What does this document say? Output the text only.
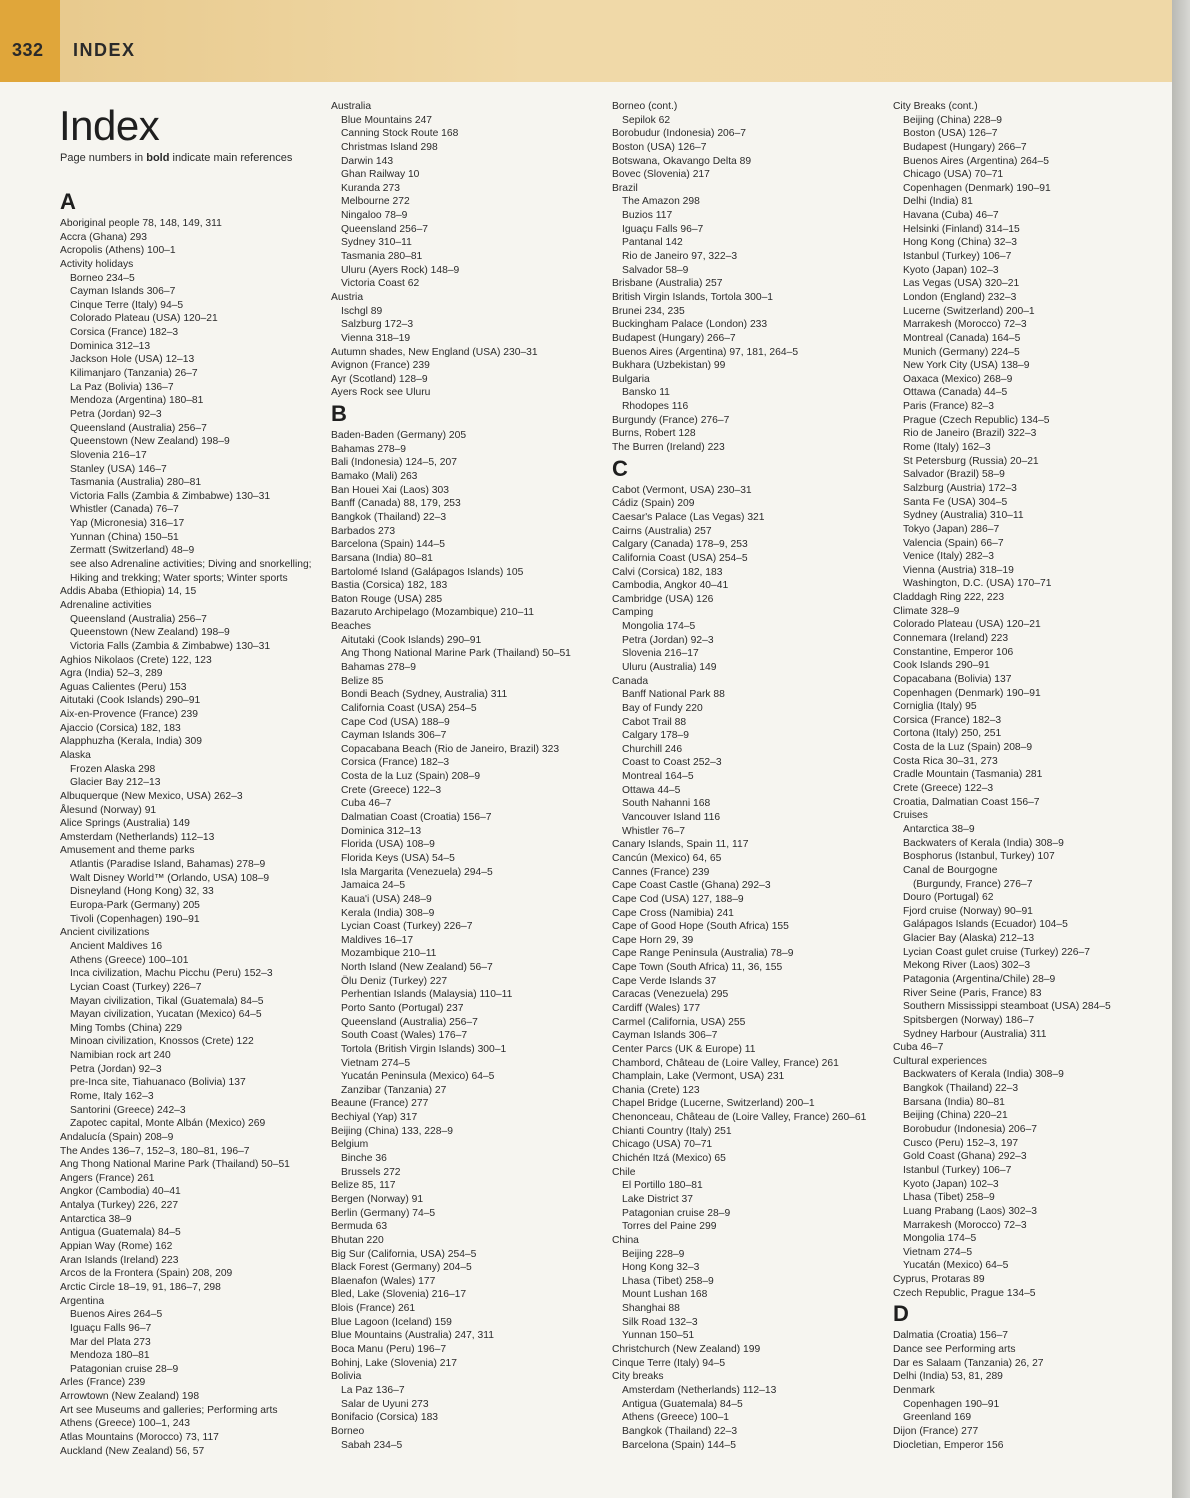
332 INDEX
Index
Page numbers in bold indicate main references
A
Aboriginal people 78, 148, 149, 311
Accra (Ghana) 293
Acropolis (Athens) 100–1
Activity holidays
Borneo 234–5
Cayman Islands 306–7
Cinque Terre (Italy) 94–5
Colorado Plateau (USA) 120–21
Corsica (France) 182–3
Dominica 312–13
Jackson Hole (USA) 12–13
Kilimanjaro (Tanzania) 26–7
La Paz (Bolivia) 136–7
Mendoza (Argentina) 180–81
Petra (Jordan) 92–3
Queensland (Australia) 256–7
Queenstown (New Zealand) 198–9
Slovenia 216–17
Stanley (USA) 146–7
Tasmania (Australia) 280–81
Victoria Falls (Zambia & Zimbabwe) 130–31
Whistler (Canada) 76–7
Yap (Micronesia) 316–17
Yunnan (China) 150–51
Zermatt (Switzerland) 48–9
see also Adrenaline activities; Diving and snorkelling;
Hiking and trekking; Water sports; Winter sports
Addis Ababa (Ethiopia) 14, 15
Adrenaline activities
Queensland (Australia) 256–7
Queenstown (New Zealand) 198–9
Victoria Falls (Zambia & Zimbabwe) 130–31
Aghios Nikolaos (Crete) 122, 123
Agra (India) 52–3, 289
Aguas Calientes (Peru) 153
Aitutaki (Cook Islands) 290–91
Aix-en-Provence (France) 239
Ajaccio (Corsica) 182, 183
Alapphuzha (Kerala, India) 309
Alaska
Frozen Alaska 298
Glacier Bay 212–13
Albuquerque (New Mexico, USA) 262–3
Ålesund (Norway) 91
Alice Springs (Australia) 149
Amsterdam (Netherlands) 112–13
Amusement and theme parks
Atlantis (Paradise Island, Bahamas) 278–9
Walt Disney World™ (Orlando, USA) 108–9
Disneyland (Hong Kong) 32, 33
Europa-Park (Germany) 205
Tivoli (Copenhagen) 190–91
Ancient civilizations
Ancient Maldives 16
Athens (Greece) 100–101
Inca civilization, Machu Picchu (Peru) 152–3
Lycian Coast (Turkey) 226–7
Mayan civilization, Tikal (Guatemala) 84–5
Mayan civilization, Yucatan (Mexico) 64–5
Ming Tombs (China) 229
Minoan civilization, Knossos (Crete) 122
Namibian rock art 240
Petra (Jordan) 92–3
pre-Inca site, Tiahuanaco (Bolivia) 137
Rome, Italy 162–3
Santorini (Greece) 242–3
Zapotec capital, Monte Albán (Mexico) 269
Andalucía (Spain) 208–9
The Andes 136–7, 152–3, 180–81, 196–7
Ang Thong National Marine Park (Thailand) 50–51
Angers (France) 261
Angkor (Cambodia) 40–41
Antalya (Turkey) 226, 227
Antarctica 38–9
Antigua (Guatemala) 84–5
Appian Way (Rome) 162
Aran Islands (Ireland) 223
Arcos de la Frontera (Spain) 208, 209
Arctic Circle 18–19, 91, 186–7, 298
Argentina
Buenos Aires 264–5
Iguaçu Falls 96–7
Mar del Plata 273
Mendoza 180–81
Patagonian cruise 28–9
Arles (France) 239
Arrowtown (New Zealand) 198
Art see Museums and galleries; Performing arts
Athens (Greece) 100–1, 243
Atlas Mountains (Morocco) 73, 117
Auckland (New Zealand) 56, 57
Australia
Blue Mountains 247
Canning Stock Route 168
Christmas Island 298
Darwin 143
Ghan Railway 10
Kuranda 273
Melbourne 272
Ningaloo 78–9
Queensland 256–7
Sydney 310–11
Tasmania 280–81
Uluru (Ayers Rock) 148–9
Victoria Coast 62
Austria
Ischgl 89
Salzburg 172–3
Vienna 318–19
Autumn shades, New England (USA) 230–31
Avignon (France) 239
Ayr (Scotland) 128–9
Ayers Rock see Uluru
B
Baden-Baden (Germany) 205
Bahamas 278–9
Bali (Indonesia) 124–5, 207
Bamako (Mali) 263
Ban Houei Xai (Laos) 303
Banff (Canada) 88, 179, 253
Bangkok (Thailand) 22–3
Barbados 273
Barcelona (Spain) 144–5
Barsana (India) 80–81
Bartolomé Island (Galápagos Islands) 105
Bastia (Corsica) 182, 183
Baton Rouge (USA) 285
Bazaruto Archipelago (Mozambique) 210–11
Beaches
Aitutaki (Cook Islands) 290–91
Ang Thong National Marine Park (Thailand) 50–51
Bahamas 278–9
Belize 85
Bondi Beach (Sydney, Australia) 311
California Coast (USA) 254–5
Cape Cod (USA) 188–9
Cayman Islands 306–7
Copacabana Beach (Rio de Janeiro, Brazil) 323
Corsica (France) 182–3
Costa de la Luz (Spain) 208–9
Crete (Greece) 122–3
Cuba 46–7
Dalmatian Coast (Croatia) 156–7
Dominica 312–13
Florida (USA) 108–9
Florida Keys (USA) 54–5
Isla Margarita (Venezuela) 294–5
Jamaica 24–5
Kaua'i (USA) 248–9
Kerala (India) 308–9
Lycian Coast (Turkey) 226–7
Maldives 16–17
Mozambique 210–11
North Island (New Zealand) 56–7
Ölu Deniz (Turkey) 227
Perhentian Islands (Malaysia) 110–11
Porto Santo (Portugal) 237
Queensland (Australia) 256–7
South Coast (Wales) 176–7
Tortola (British Virgin Islands) 300–1
Vietnam 274–5
Yucatán Peninsula (Mexico) 64–5
Zanzibar (Tanzania) 27
Beaune (France) 277
Bechiyal (Yap) 317
Beijing (China) 133, 228–9
Belgium
Binche 36
Brussels 272
Belize 85, 117
Bergen (Norway) 91
Berlin (Germany) 74–5
Bermuda 63
Bhutan 220
Big Sur (California, USA) 254–5
Black Forest (Germany) 204–5
Blaenafon (Wales) 177
Bled, Lake (Slovenia) 216–17
Blois (France) 261
Blue Lagoon (Iceland) 159
Blue Mountains (Australia) 247, 311
Boca Manu (Peru) 196–7
Bohinj, Lake (Slovenia) 217
Bolivia
La Paz 136–7
Salar de Uyuni 273
Bonifacio (Corsica) 183
Borneo
Sabah 234–5
Borneo (cont.)
Sepilok 62
Borobudur (Indonesia) 206–7
Boston (USA) 126–7
Botswana, Okavango Delta 89
Bovec (Slovenia) 217
Brazil
The Amazon 298
Buzios 117
Iguaçu Falls 96–7
Pantanal 142
Rio de Janeiro 97, 322–3
Salvador 58–9
Brisbane (Australia) 257
British Virgin Islands, Tortola 300–1
Brunei 234, 235
Buckingham Palace (London) 233
Budapest (Hungary) 266–7
Buenos Aires (Argentina) 97, 181, 264–5
Bukhara (Uzbekistan) 99
Bulgaria
Bansko 11
Rhodopes 116
Burgundy (France) 276–7
Burns, Robert 128
The Burren (Ireland) 223
C
Cabot (Vermont, USA) 230–31
Cádiz (Spain) 209
Caesar's Palace (Las Vegas) 321
Cairns (Australia) 257
Calgary (Canada) 178–9, 253
California Coast (USA) 254–5
Calvi (Corsica) 182, 183
Cambodia, Angkor 40–41
Cambridge (USA) 126
Camping
Mongolia 174–5
Petra (Jordan) 92–3
Slovenia 216–17
Uluru (Australia) 149
Canada
Banff National Park 88
Bay of Fundy 220
Cabot Trail 88
Calgary 178–9
Churchill 246
Coast to Coast 252–3
Montreal 164–5
Ottawa 44–5
South Nahanni 168
Vancouver Island 116
Whistler 76–7
Canary Islands, Spain 11, 117
Cancún (Mexico) 64, 65
Cannes (France) 239
Cape Coast Castle (Ghana) 292–3
Cape Cod (USA) 127, 188–9
Cape Cross (Namibia) 241
Cape of Good Hope (South Africa) 155
Cape Horn 29, 39
Cape Range Peninsula (Australia) 78–9
Cape Town (South Africa) 11, 36, 155
Cape Verde Islands 37
Caracas (Venezuela) 295
Cardiff (Wales) 177
Carmel (California, USA) 255
Cayman Islands 306–7
Center Parcs (UK & Europe) 11
Chambord, Château de (Loire Valley, France) 261
Champlain, Lake (Vermont, USA) 231
Chania (Crete) 123
Chapel Bridge (Lucerne, Switzerland) 200–1
Chenonceau, Château de (Loire Valley, France) 260–61
Chianti Country (Italy) 251
Chicago (USA) 70–71
Chichén Itzá (Mexico) 65
Chile
El Portillo 180–81
Lake District 37
Patagonian cruise 28–9
Torres del Paine 299
China
Beijing 228–9
Hong Kong 32–3
Lhasa (Tibet) 258–9
Mount Lushan 168
Shanghai 88
Silk Road 132–3
Yunnan 150–51
Christchurch (New Zealand) 199
Cinque Terre (Italy) 94–5
City breaks
Amsterdam (Netherlands) 112–13
Antigua (Guatemala) 84–5
Athens (Greece) 100–1
Bangkok (Thailand) 22–3
Barcelona (Spain) 144–5
City Breaks (cont.)
Beijing (China) 228–9
Boston (USA) 126–7
Budapest (Hungary) 266–7
Buenos Aires (Argentina) 264–5
Chicago (USA) 70–71
Copenhagen (Denmark) 190–91
Delhi (India) 81
Havana (Cuba) 46–7
Helsinki (Finland) 314–15
Hong Kong (China) 32–3
Istanbul (Turkey) 106–7
Kyoto (Japan) 102–3
Las Vegas (USA) 320–21
London (England) 232–3
Lucerne (Switzerland) 200–1
Marrakesh (Morocco) 72–3
Montreal (Canada) 164–5
Munich (Germany) 224–5
New York City (USA) 138–9
Oaxaca (Mexico) 268–9
Ottawa (Canada) 44–5
Paris (France) 82–3
Prague (Czech Republic) 134–5
Rio de Janeiro (Brazil) 322–3
Rome (Italy) 162–3
St Petersburg (Russia) 20–21
Salvador (Brazil) 58–9
Salzburg (Austria) 172–3
Santa Fe (USA) 304–5
Sydney (Australia) 310–11
Tokyo (Japan) 286–7
Valencia (Spain) 66–7
Venice (Italy) 282–3
Vienna (Austria) 318–19
Washington, D.C. (USA) 170–71
Claddagh Ring 222, 223
Climate 328–9
Colorado Plateau (USA) 120–21
Connemara (Ireland) 223
Constantine, Emperor 106
Cook Islands 290–91
Copacabana (Bolivia) 137
Copenhagen (Denmark) 190–91
Corniglia (Italy) 95
Corsica (France) 182–3
Cortona (Italy) 250, 251
Costa de la Luz (Spain) 208–9
Costa Rica 30–31, 273
Cradle Mountain (Tasmania) 281
Crete (Greece) 122–3
Croatia, Dalmatian Coast 156–7
Cruises
Antarctica 38–9
Backwaters of Kerala (India) 308–9
Bosphorus (Istanbul, Turkey) 107
Canal de Bourgogne
(Burgundy, France) 276–7
Douro (Portugal) 62
Fjord cruise (Norway) 90–91
Galápagos Islands (Ecuador) 104–5
Glacier Bay (Alaska) 212–13
Lycian Coast gulet cruise (Turkey) 226–7
Mekong River (Laos) 302–3
Patagonia (Argentina/Chile) 28–9
River Seine (Paris, France) 83
Southern Mississippi steamboat (USA) 284–5
Spitsbergen (Norway) 186–7
Sydney Harbour (Australia) 311
Cuba 46–7
Cultural experiences
Backwaters of Kerala (India) 308–9
Bangkok (Thailand) 22–3
Barsana (India) 80–81
Beijing (China) 220–21
Borobudur (Indonesia) 206–7
Cusco (Peru) 152–3, 197
Gold Coast (Ghana) 292–3
Istanbul (Turkey) 106–7
Kyoto (Japan) 102–3
Lhasa (Tibet) 258–9
Luang Prabang (Laos) 302–3
Marrakesh (Morocco) 72–3
Mongolia 174–5
Vietnam 274–5
Yucatán (Mexico) 64–5
Cyprus, Protaras 89
Czech Republic, Prague 134–5
D
Dalmatia (Croatia) 156–7
Dance see Performing arts
Dar es Salaam (Tanzania) 26, 27
Delhi (India) 53, 81, 289
Denmark
Copenhagen 190–91
Greenland 169
Dijon (France) 277
Diocletian, Emperor 156
